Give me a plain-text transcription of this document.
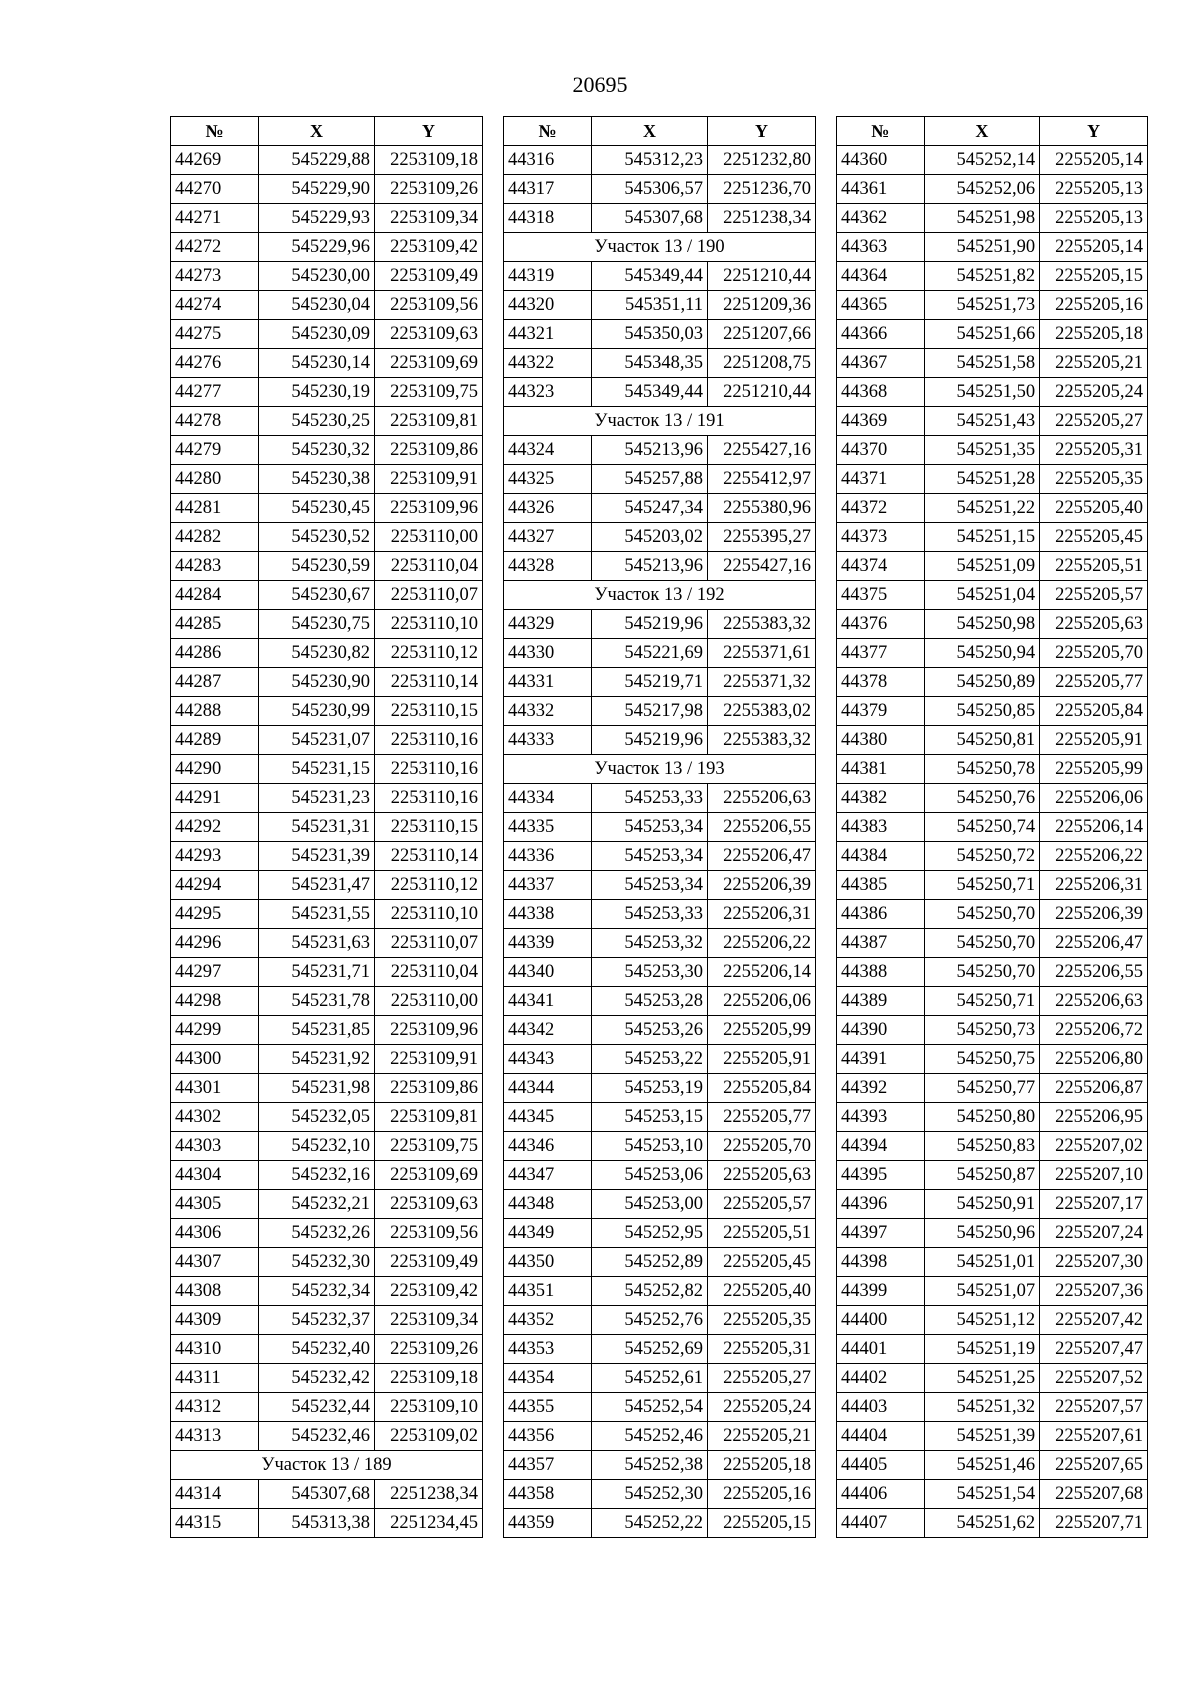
20695
№	X	Y
44269	545229,88	2253109,18
44270	545229,90	2253109,26
44271	545229,93	2253109,34
44272	545229,96	2253109,42
44273	545230,00	2253109,49
44274	545230,04	2253109,56
44275	545230,09	2253109,63
44276	545230,14	2253109,69
44277	545230,19	2253109,75
44278	545230,25	2253109,81
44279	545230,32	2253109,86
44280	545230,38	2253109,91
44281	545230,45	2253109,96
44282	545230,52	2253110,00
44283	545230,59	2253110,04
44284	545230,67	2253110,07
44285	545230,75	2253110,10
44286	545230,82	2253110,12
44287	545230,90	2253110,14
44288	545230,99	2253110,15
44289	545231,07	2253110,16
44290	545231,15	2253110,16
44291	545231,23	2253110,16
44292	545231,31	2253110,15
44293	545231,39	2253110,14
44294	545231,47	2253110,12
44295	545231,55	2253110,10
44296	545231,63	2253110,07
44297	545231,71	2253110,04
44298	545231,78	2253110,00
44299	545231,85	2253109,96
44300	545231,92	2253109,91
44301	545231,98	2253109,86
44302	545232,05	2253109,81
44303	545232,10	2253109,75
44304	545232,16	2253109,69
44305	545232,21	2253109,63
44306	545232,26	2253109,56
44307	545232,30	2253109,49
44308	545232,34	2253109,42
44309	545232,37	2253109,34
44310	545232,40	2253109,26
44311	545232,42	2253109,18
44312	545232,44	2253109,10
44313	545232,46	2253109,02
Участок 13 / 189		
44314	545307,68	2251238,34
44315	545313,38	2251234,45
№	X	Y
44316	545312,23	2251232,80
44317	545306,57	2251236,70
44318	545307,68	2251238,34
Участок 13 / 190		
44319	545349,44	2251210,44
44320	545351,11	2251209,36
44321	545350,03	2251207,66
44322	545348,35	2251208,75
44323	545349,44	2251210,44
Участок 13 / 191		
44324	545213,96	2255427,16
44325	545257,88	2255412,97
44326	545247,34	2255380,96
44327	545203,02	2255395,27
44328	545213,96	2255427,16
Участок 13 / 192		
44329	545219,96	2255383,32
44330	545221,69	2255371,61
44331	545219,71	2255371,32
44332	545217,98	2255383,02
44333	545219,96	2255383,32
Участок 13 / 193		
44334	545253,33	2255206,63
44335	545253,34	2255206,55
44336	545253,34	2255206,47
44337	545253,34	2255206,39
44338	545253,33	2255206,31
44339	545253,32	2255206,22
44340	545253,30	2255206,14
44341	545253,28	2255206,06
44342	545253,26	2255205,99
44343	545253,22	2255205,91
44344	545253,19	2255205,84
44345	545253,15	2255205,77
44346	545253,10	2255205,70
44347	545253,06	2255205,63
44348	545253,00	2255205,57
44349	545252,95	2255205,51
44350	545252,89	2255205,45
44351	545252,82	2255205,40
44352	545252,76	2255205,35
44353	545252,69	2255205,31
44354	545252,61	2255205,27
44355	545252,54	2255205,24
44356	545252,46	2255205,21
44357	545252,38	2255205,18
44358	545252,30	2255205,16
44359	545252,22	2255205,15
№	X	Y
44360	545252,14	2255205,14
44361	545252,06	2255205,13
44362	545251,98	2255205,13
44363	545251,90	2255205,14
44364	545251,82	2255205,15
44365	545251,73	2255205,16
44366	545251,66	2255205,18
44367	545251,58	2255205,21
44368	545251,50	2255205,24
44369	545251,43	2255205,27
44370	545251,35	2255205,31
44371	545251,28	2255205,35
44372	545251,22	2255205,40
44373	545251,15	2255205,45
44374	545251,09	2255205,51
44375	545251,04	2255205,57
44376	545250,98	2255205,63
44377	545250,94	2255205,70
44378	545250,89	2255205,77
44379	545250,85	2255205,84
44380	545250,81	2255205,91
44381	545250,78	2255205,99
44382	545250,76	2255206,06
44383	545250,74	2255206,14
44384	545250,72	2255206,22
44385	545250,71	2255206,31
44386	545250,70	2255206,39
44387	545250,70	2255206,47
44388	545250,70	2255206,55
44389	545250,71	2255206,63
44390	545250,73	2255206,72
44391	545250,75	2255206,80
44392	545250,77	2255206,87
44393	545250,80	2255206,95
44394	545250,83	2255207,02
44395	545250,87	2255207,10
44396	545250,91	2255207,17
44397	545250,96	2255207,24
44398	545251,01	2255207,30
44399	545251,07	2255207,36
44400	545251,12	2255207,42
44401	545251,19	2255207,47
44402	545251,25	2255207,52
44403	545251,32	2255207,57
44404	545251,39	2255207,61
44405	545251,46	2255207,65
44406	545251,54	2255207,68
44407	545251,62	2255207,71
